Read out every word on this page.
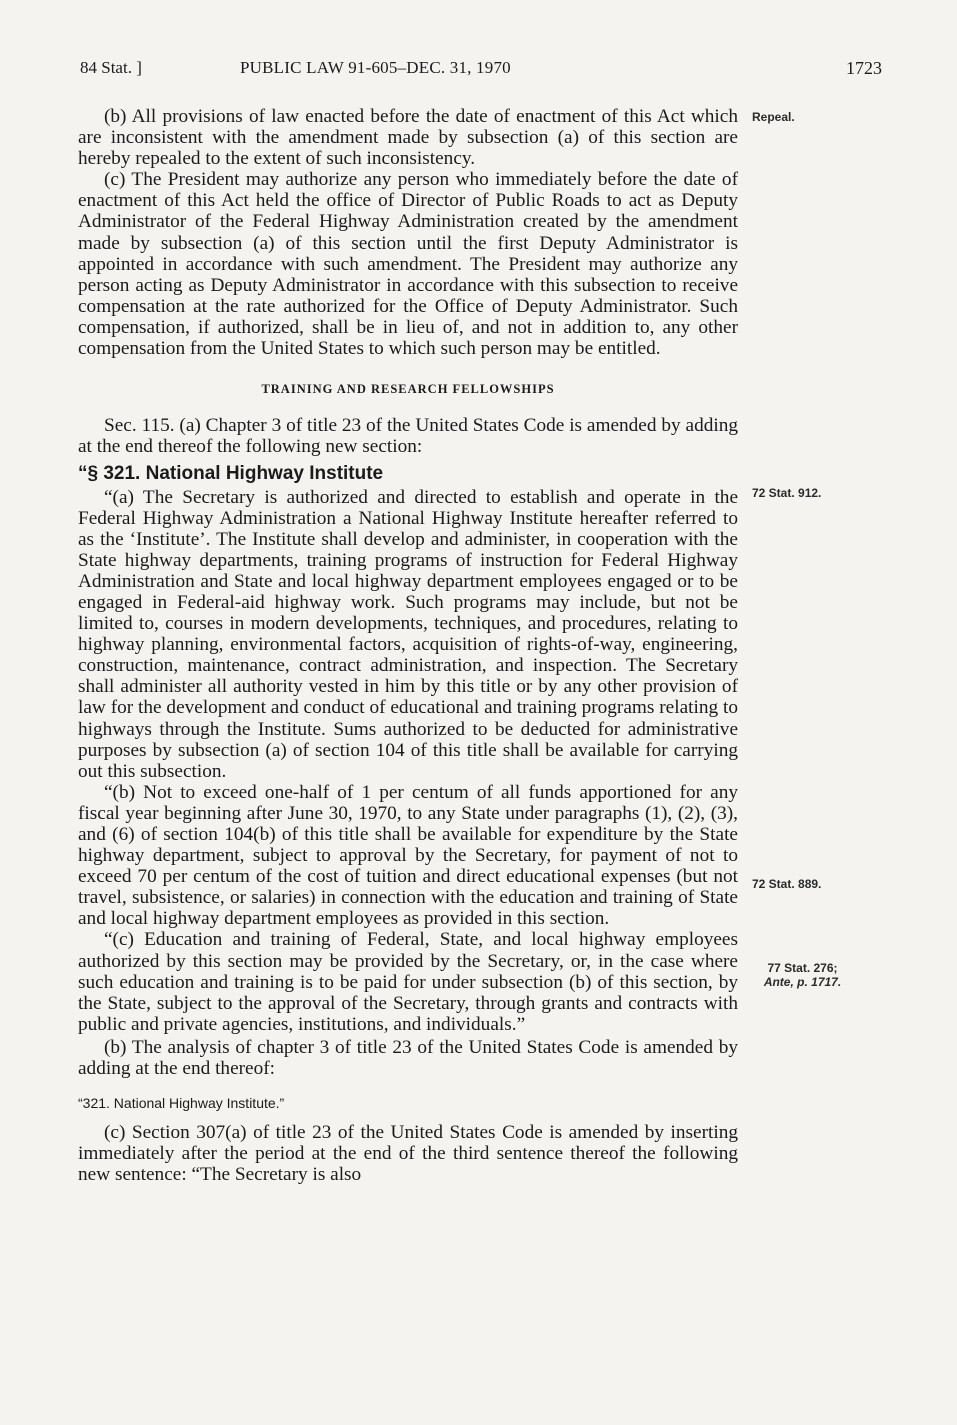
84 Stat. ]	PUBLIC LAW 91-605–DEC. 31, 1970	1723
Repeal.
72 Stat. 912.
72 Stat. 889.
77 Stat. 276;
Ante, p. 1717.

(b) All provisions of law enacted before the date of enactment of this Act which are inconsistent with the amendment made by subsection (a) of this section are hereby repealed to the extent of such inconsistency.

(c) The President may authorize any person who immediately before the date of enactment of this Act held the office of Director of Public Roads to act as Deputy Administrator of the Federal Highway Administration created by the amendment made by subsection (a) of this section until the first Deputy Administrator is appointed in accordance with such amendment. The President may authorize any person acting as Deputy Administrator in accordance with this subsection to receive compensation at the rate authorized for the Office of Deputy Administrator. Such compensation, if authorized, shall be in lieu of, and not in addition to, any other compensation from the United States to which such person may be entitled.

TRAINING AND RESEARCH FELLOWSHIPS

Sec. 115. (a) Chapter 3 of title 23 of the United States Code is amended by adding at the end thereof the following new section:

“§ 321. National Highway Institute

“(a) The Secretary is authorized and directed to establish and operate in the Federal Highway Administration a National Highway Institute hereafter referred to as the ‘Institute’. The Institute shall develop and administer, in cooperation with the State highway departments, training programs of instruction for Federal Highway Administration and State and local highway department employees engaged or to be engaged in Federal-aid highway work. Such programs may include, but not be limited to, courses in modern developments, techniques, and procedures, relating to highway planning, environmental factors, acquisition of rights-of-way, engineering, construction, maintenance, contract administration, and inspection. The Secretary shall administer all authority vested in him by this title or by any other provision of law for the development and conduct of educational and training programs relating to highways through the Institute. Sums authorized to be deducted for administrative purposes by subsection (a) of section 104 of this title shall be available for carrying out this subsection.

“(b) Not to exceed one-half of 1 per centum of all funds apportioned for any fiscal year beginning after June 30, 1970, to any State under paragraphs (1), (2), (3), and (6) of section 104(b) of this title shall be available for expenditure by the State highway department, subject to approval by the Secretary, for payment of not to exceed 70 per centum of the cost of tuition and direct educational expenses (but not travel, subsistence, or salaries) in connection with the education and training of State and local highway department employees as provided in this section.

“(c) Education and training of Federal, State, and local highway employees authorized by this section may be provided by the Secretary, or, in the case where such education and training is to be paid for under subsection (b) of this section, by the State, subject to the approval of the Secretary, through grants and contracts with public and private agencies, institutions, and individuals.”

(b) The analysis of chapter 3 of title 23 of the United States Code is amended by adding at the end thereof:

“321. National Highway Institute.”

(c) Section 307(a) of title 23 of the United States Code is amended by inserting immediately after the period at the end of the third sentence thereof the following new sentence: “The Secretary is also
